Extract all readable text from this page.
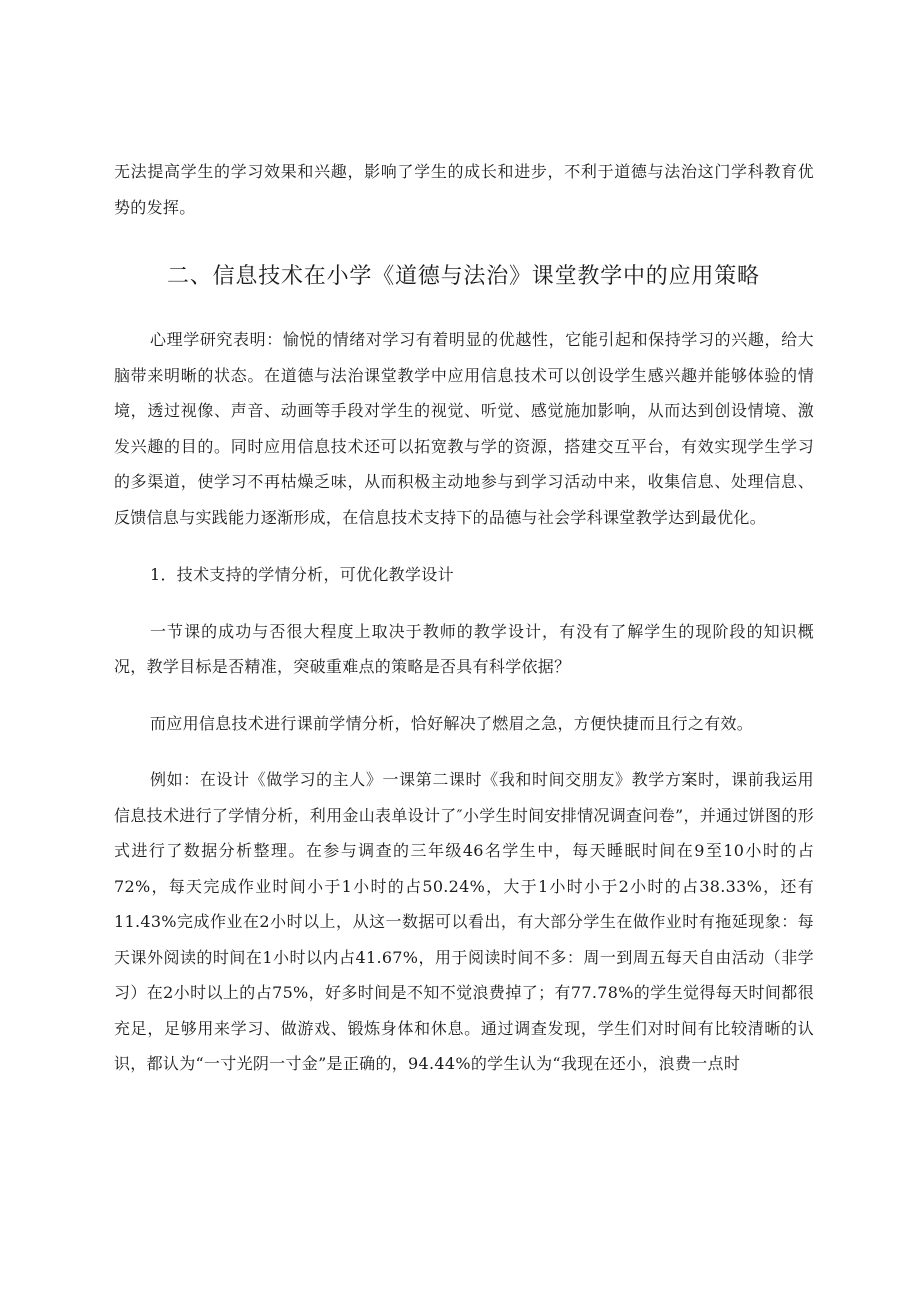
无法提高学生的学习效果和兴趣，影响了学生的成长和进步，不利于道德与法治这门学科教育优势的发挥。

二、信息技术在小学《道德与法治》课堂教学中的应用策略

心理学研究表明：愉悦的情绪对学习有着明显的优越性，它能引起和保持学习的兴趣，给大脑带来明晰的状态。在道德与法治课堂教学中应用信息技术可以创设学生感兴趣并能够体验的情境，透过视像、声音、动画等手段对学生的视觉、听觉、感觉施加影响，从而达到创设情境、激发兴趣的目的。同时应用信息技术还可以拓宽教与学的资源，搭建交互平台，有效实现学生学习的多渠道，使学习不再枯燥乏味，从而积极主动地参与到学习活动中来，收集信息、处理信息、反馈信息与实践能力逐渐形成，在信息技术支持下的品德与社会学科课堂教学达到最优化。

1．技术支持的学情分析，可优化教学设计

一节课的成功与否很大程度上取决于教师的教学设计，有没有了解学生的现阶段的知识概况，教学目标是否精准，突破重难点的策略是否具有科学依据？

而应用信息技术进行课前学情分析，恰好解决了燃眉之急，方便快捷而且行之有效。

例如：在设计《做学习的主人》一课第二课时《我和时间交朋友》教学方案时，课前我运用信息技术进行了学情分析，利用金山表单设计了″小学生时间安排情况调查问卷”，并通过饼图的形式进行了数据分析整理。在参与调查的三年级46名学生中，每天睡眠时间在9至10小时的占72%，每天完成作业时间小于1小时的占50.24%，大于1小时小于2小时的占38.33%，还有11.43%完成作业在2小时以上，从这一数据可以看出，有大部分学生在做作业时有拖延现象：每天课外阅读的时间在1小时以内占41.67%，用于阅读时间不多：周一到周五每天自由活动（非学习）在2小时以上的占75%，好多时间是不知不觉浪费掉了；有77.78%的学生觉得每天时间都很充足，足够用来学习、做游戏、锻炼身体和休息。通过调查发现，学生们对时间有比较清晰的认识，都认为“一寸光阴一寸金”是正确的，94.44%的学生认为“我现在还小，浪费一点时
